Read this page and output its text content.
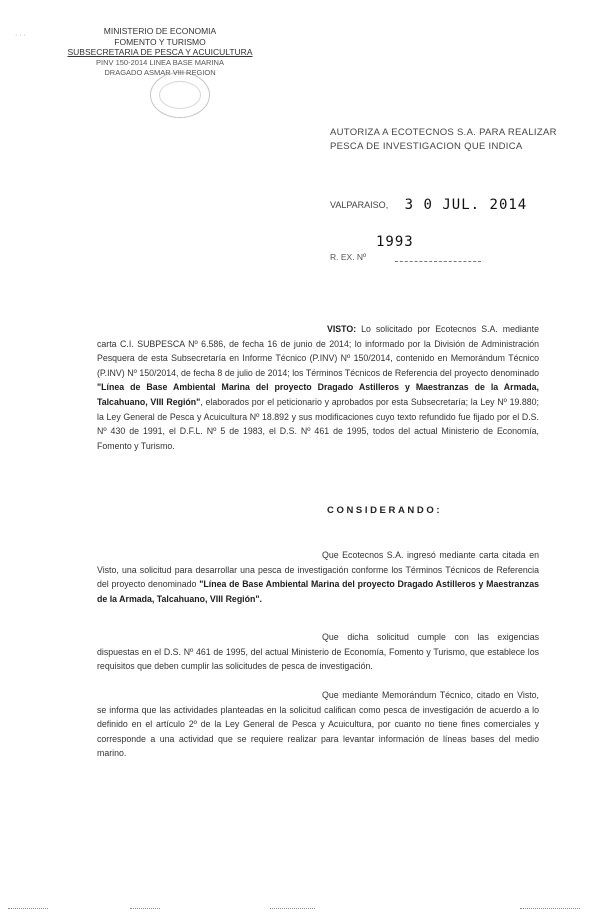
· · ·	MINISTERIO DE ECONOMIA
FOMENTO Y TURISMO
SUBSECRETARIA DE PESCA Y ACUICULTURA
PINV 150-2014 LINEA BASE MARINA
DRAGADO ASMAR VIII REGION
AUTORIZA A ECOTECNOS S.A. PARA REALIZAR PESCA DE INVESTIGACION QUE INDICA
VALPARAISO, 3 0 JUL. 2014
R. EX. Nº
1993
VISTO: Lo solicitado por Ecotecnos S.A. mediante carta C.I. SUBPESCA Nº 6.586, de fecha 16 de junio de 2014; lo informado por la División de Administración Pesquera de esta Subsecretaría en Informe Técnico (P.INV) Nº 150/2014, contenido en Memorándum Técnico (P.INV) Nº 150/2014, de fecha 8 de julio de 2014; los Términos Técnicos de Referencia del proyecto denominado "Línea de Base Ambiental Marina del proyecto Dragado Astilleros y Maestranzas de la Armada, Talcahuano, VIII Región", elaborados por el peticionario y aprobados por esta Subsecretaría; la Ley Nº 19.880; la Ley General de Pesca y Acuicultura Nº 18.892 y sus modificaciones cuyo texto refundido fue fijado por el D.S. Nº 430 de 1991, el D.F.L. Nº 5 de 1983, el D.S. Nº 461 de 1995, todos del actual Ministerio de Economía, Fomento y Turismo.
CONSIDERANDO:
Que Ecotecnos S.A. ingresó mediante carta citada en Visto, una solicitud para desarrollar una pesca de investigación conforme los Términos Técnicos de Referencia del proyecto denominado "Línea de Base Ambiental Marina del proyecto Dragado Astilleros y Maestranzas de la Armada, Talcahuano, VIII Región".
Que dicha solicitud cumple con las exigencias dispuestas en el D.S. Nº 461 de 1995, del actual Ministerio de Economía, Fomento y Turismo, que establece los requisitos que deben cumplir las solicitudes de pesca de investigación.
Que mediante Memorándum Técnico, citado en Visto, se informa que las actividades planteadas en la solicitud califican como pesca de investigación de acuerdo a lo definido en el artículo 2º de la Ley General de Pesca y Acuicultura, por cuanto no tiene fines comerciales y corresponde a una actividad que se requiere realizar para levantar información de líneas bases del medio marino.
